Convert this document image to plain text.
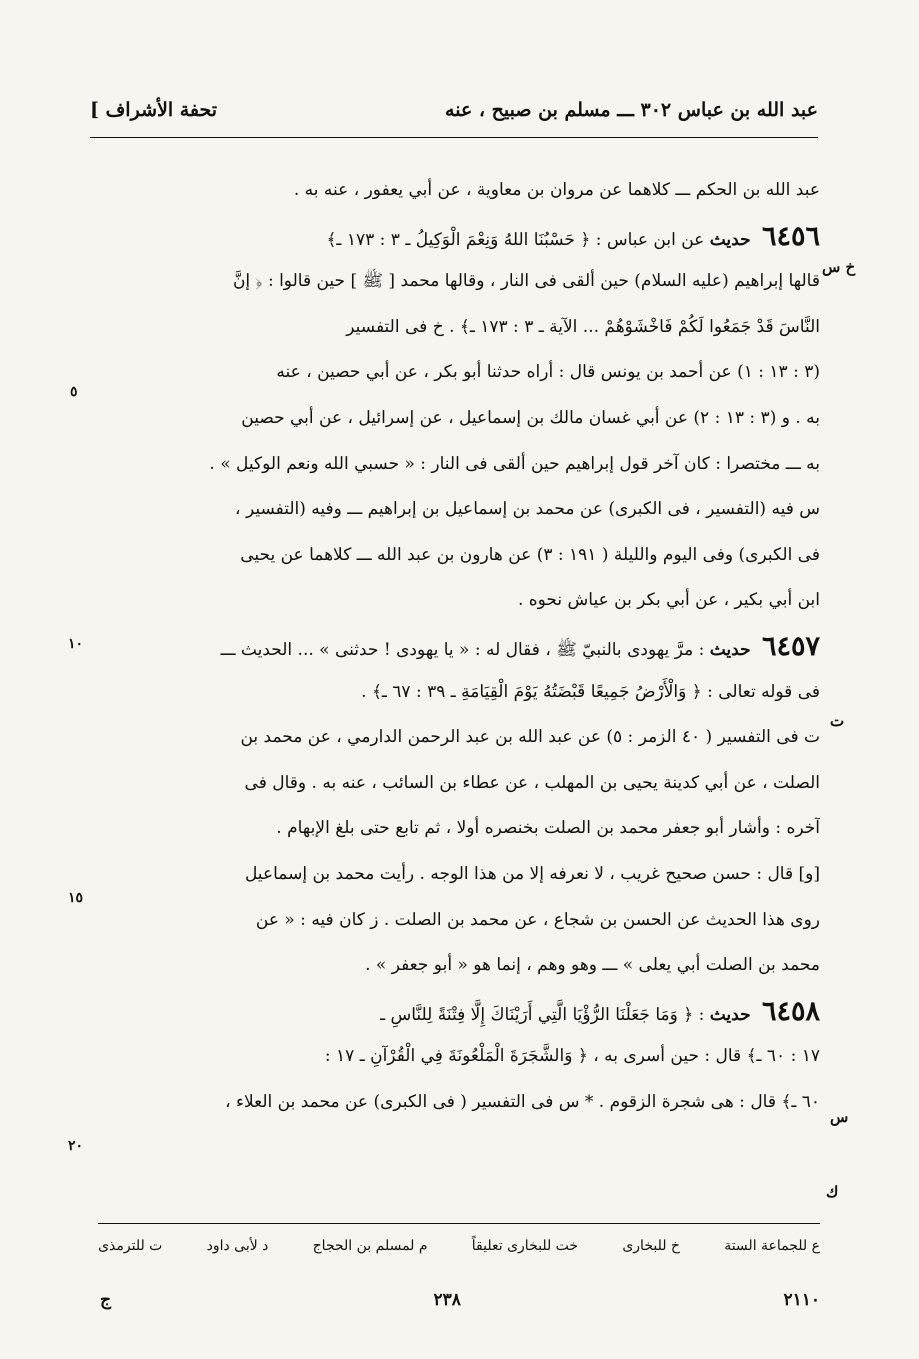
[ تحفة الأشراف	عبد الله بن عباس ٣٠٢ ـــ مسلم بن صبيح ، عنه
عبد الله بن الحكم ـــ كلاهما عن مروان بن معاوية ، عن أبي يعفور ، عنه به .
٦٤٥٦ حديث عن ابن عباس : ﴿ حَسْبُنَا اللهُ وَنِعْمَ الْوَكِيلُ ـ ٣ : ١٧٣ ـ﴾
قالها إبراهيم (عليه السلام) حين ألقى فى النار ، وقالها محمد [ ﷺ ] حين قالوا : ﴿ إنَّ
النَّاسَ قَدْ جَمَعُوا لَكُمْ فَاخْشَوْهُمْ ... الآية ـ ٣ : ١٧٣ ـ﴾ . خ فى التفسير
(٣ : ١٣ : ١) عن أحمد بن يونس قال : أراه حدثنا أبو بكر ، عن أبي حصين ، عنه
به . و (٣ : ١٣ : ٢) عن أبي غسان مالك بن إسماعيل ، عن إسرائيل ، عن أبي حصين
به ـــ مختصرا : كان آخر قول إبراهيم حين ألقى فى النار : « حسبي الله ونعم الوكيل » .
س فيه (التفسير ، فى الكبرى) عن محمد بن إسماعيل بن إبراهيم ـــ وفيه (التفسير ،
فى الكبرى) وفى اليوم والليلة ( ١٩١ : ٣) عن هارون بن عبد الله ـــ كلاهما عن يحيى
ابن أبي بكير ، عن أبي بكر بن عياش نحوه .
٦٤٥٧ حديث : مرَّ يهودى بالنبيّ ﷺ ، فقال له : « يا يهودى ! حدثنى » ... الحديث ـــ
فى قوله تعالى : ﴿ وَالْأَرْضُ جَمِيعًا قَبْضَتُهُ يَوْمَ الْقِيَامَةِ ـ ٣٩ : ٦٧ ـ﴾ .
ت فى التفسير ( ٤٠ الزمر : ٥) عن عبد الله بن عبد الرحمن الدارمي ، عن محمد بن
الصلت ، عن أبي كدينة يحيى بن المهلب ، عن عطاء بن السائب ، عنه به . وقال فى
آخره : وأشار أبو جعفر محمد بن الصلت بخنصره أولا ، ثم تابع حتى بلغ الإبهام .
[و] قال : حسن صحيح غريب ، لا نعرفه إلا من هذا الوجه . رأيت محمد بن إسماعيل
روى هذا الحديث عن الحسن بن شجاع ، عن محمد بن الصلت . ز كان فيه : « عن
محمد بن الصلت أبي يعلى » ـــ وهو وهم ، إنما هو « أبو جعفر » .
٦٤٥٨ حديث : ﴿ وَمَا جَعَلْنَا الرُّؤْيَا الَّتِي أَرَيْنَاكَ إِلَّا فِتْنَةً لِلنَّاسِ ـ
١٧ : ٦٠ ـ﴾ قال : حين أسرى به ، ﴿ وَالشَّجَرَةَ الْمَلْعُونَةَ فِي الْقُرْآنِ ـ ١٧ :
٦٠ ـ﴾ قال : هى شجرة الزقوم . * س فى التفسير ( فى الكبرى) عن محمد بن العلاء ،
خ س
ت
س
ك
٥
١٠
١٥
٢٠
ع للجماعة الستة
خ للبخارى
خت للبخارى تعليقاً
م لمسلم بن الحجاج
د لأبى داود
ت للترمذى
ج	٢٣٨	٢١١٠
